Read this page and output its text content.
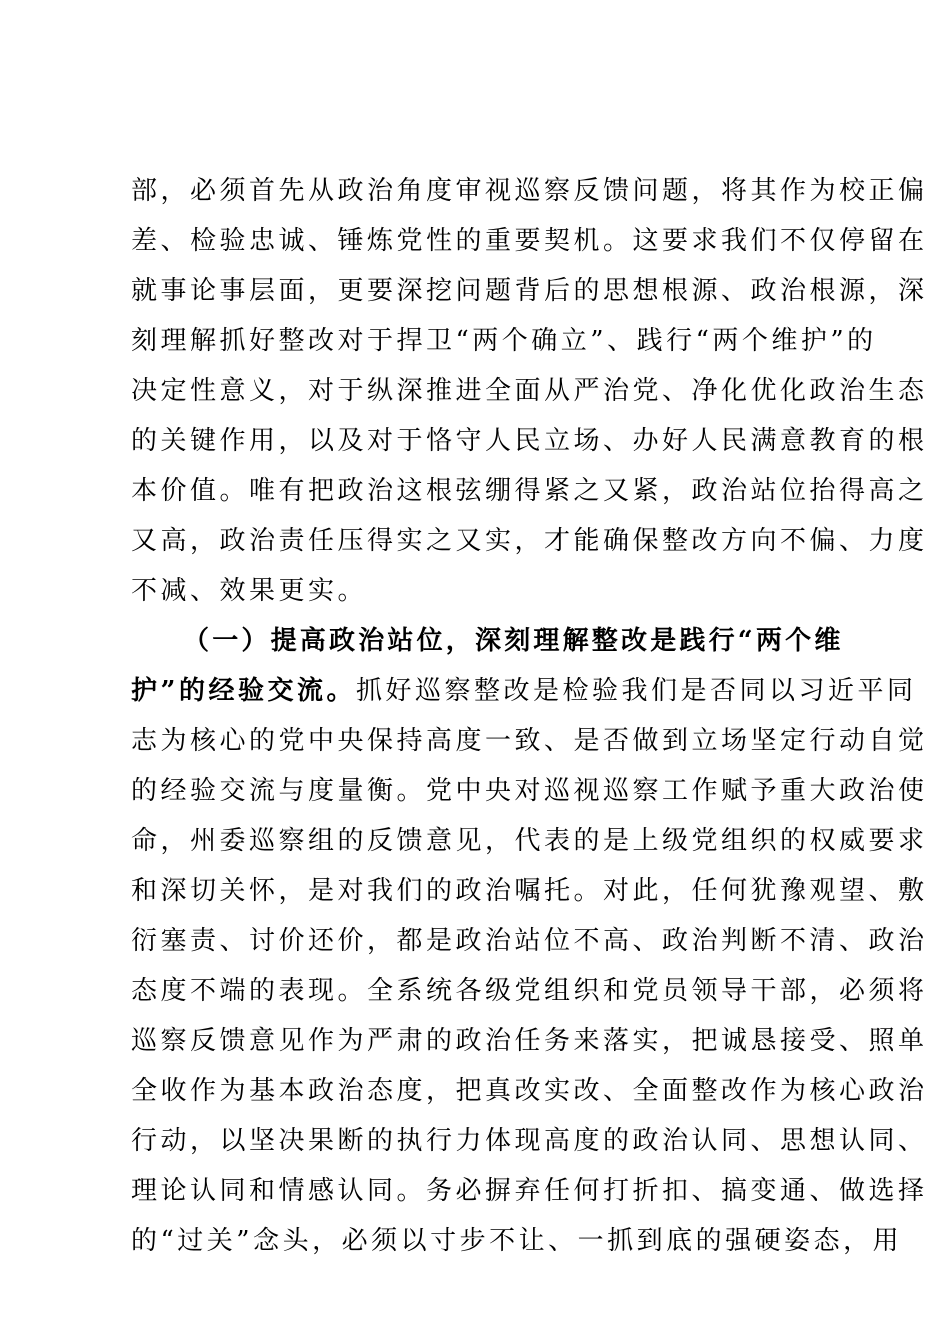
部，必须首先从政治角度审视巡察反馈问题，将其作为校正偏
差、检验忠诚、锤炼党性的重要契机。这要求我们不仅停留在
就事论事层面，更要深挖问题背后的思想根源、政治根源，深
刻理解抓好整改对于捍卫“两个确立”、践行“两个维护”的
决定性意义，对于纵深推进全面从严治党、净化优化政治生态
的关键作用，以及对于恪守人民立场、办好人民满意教育的根
本价值。唯有把政治这根弦绷得紧之又紧，政治站位抬得高之
又高，政治责任压得实之又实，才能确保整改方向不偏、力度
不减、效果更实。
（一）提高政治站位，深刻理解整改是践行“两个维
护”的经验交流。抓好巡察整改是检验我们是否同以习近平同
志为核心的党中央保持高度一致、是否做到立场坚定行动自觉
的经验交流与度量衡。党中央对巡视巡察工作赋予重大政治使
命，州委巡察组的反馈意见，代表的是上级党组织的权威要求
和深切关怀，是对我们的政治嘱托。对此，任何犹豫观望、敷
衍塞责、讨价还价，都是政治站位不高、政治判断不清、政治
态度不端的表现。全系统各级党组织和党员领导干部，必须将
巡察反馈意见作为严肃的政治任务来落实，把诚恳接受、照单
全收作为基本政治态度，把真改实改、全面整改作为核心政治
行动，以坚决果断的执行力体现高度的政治认同、思想认同、
理论认同和情感认同。务必摒弃任何打折扣、搞变通、做选择
的“过关”念头，必须以寸步不让、一抓到底的强硬姿态，用
